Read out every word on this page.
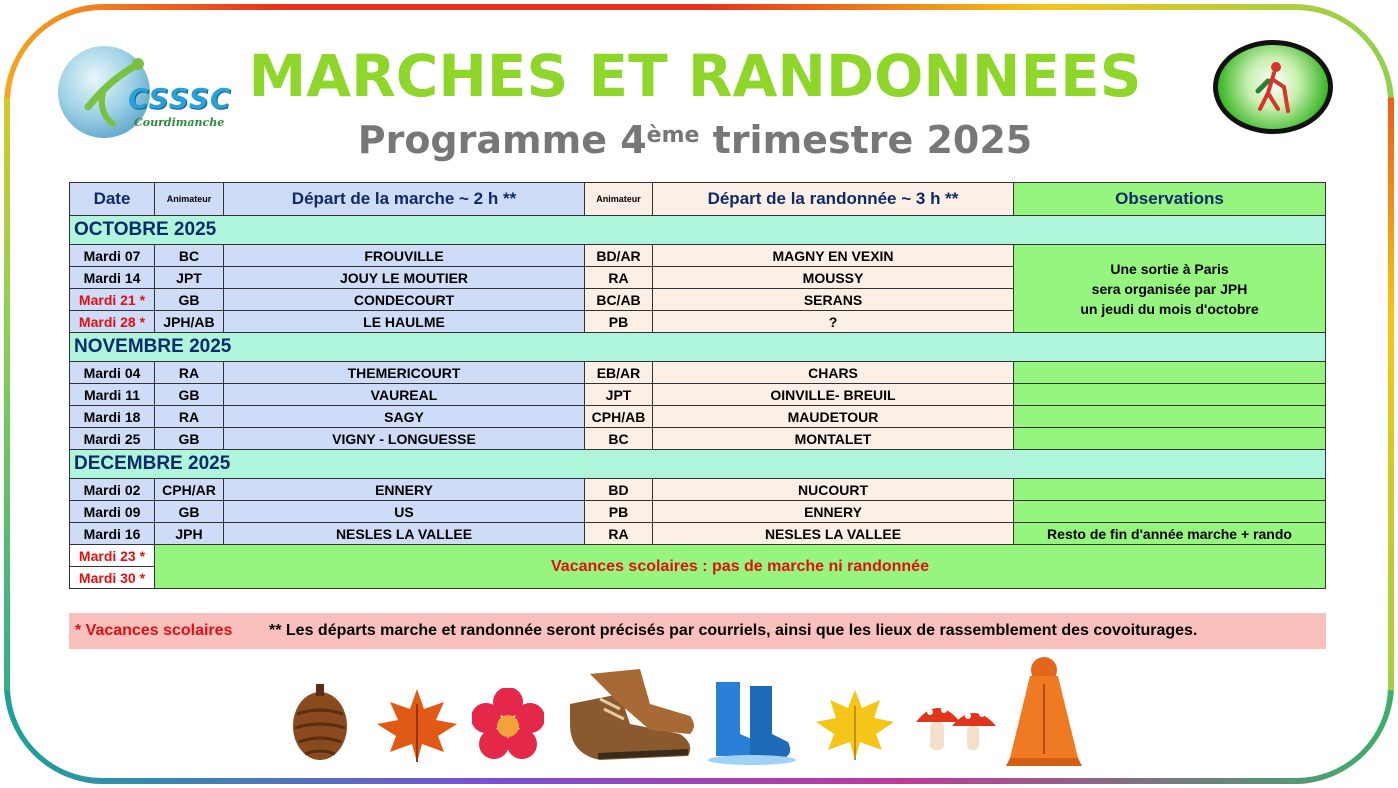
CSSSC
Courdimanche
MARCHES ET RANDONNEES
Programme 4ème trimestre 2025
Date	Animateur	Départ de la marche ~ 2 h **	Animateur	Départ de la randonnée ~ 3 h **	Observations
OCTOBRE 2025					
Mardi 07	BC	FROUVILLE	BD/AR	MAGNY EN VEXIN	Une sortie à Paris
sera organisée par JPH
un jeudi du mois d'octobre

Mardi 14	JPT	JOUY LE MOUTIER	RA	MOUSSY	
Mardi 21 *	GB	CONDECOURT	BC/AB	SERANS	
Mardi 28 *	JPH/AB	LE HAULME	PB	?	
NOVEMBRE 2025					
Mardi 04	RA	THEMERICOURT	EB/AR	CHARS	
Mardi 11	GB	VAUREAL	JPT	OINVILLE- BREUIL	
Mardi 18	RA	SAGY	CPH/AB	MAUDETOUR	
Mardi 25	GB	VIGNY - LONGUESSE	BC	MONTALET	
DECEMBRE 2025					
Mardi 02	CPH/AR	ENNERY	BD	NUCOURT	
Mardi 09	GB	US	PB	ENNERY	
Mardi 16	JPH	NESLES LA VALLEE	RA	NESLES LA VALLEE	Resto de fin d'année marche + rando
Mardi 23 *	Vacances scolaires : pas de marche ni randonnée				
Mardi 30 *					
* Vacances scolaires ** Les départs marche et randonnée seront précisés par courriels, ainsi que les lieux de rassemblement des covoiturages.
